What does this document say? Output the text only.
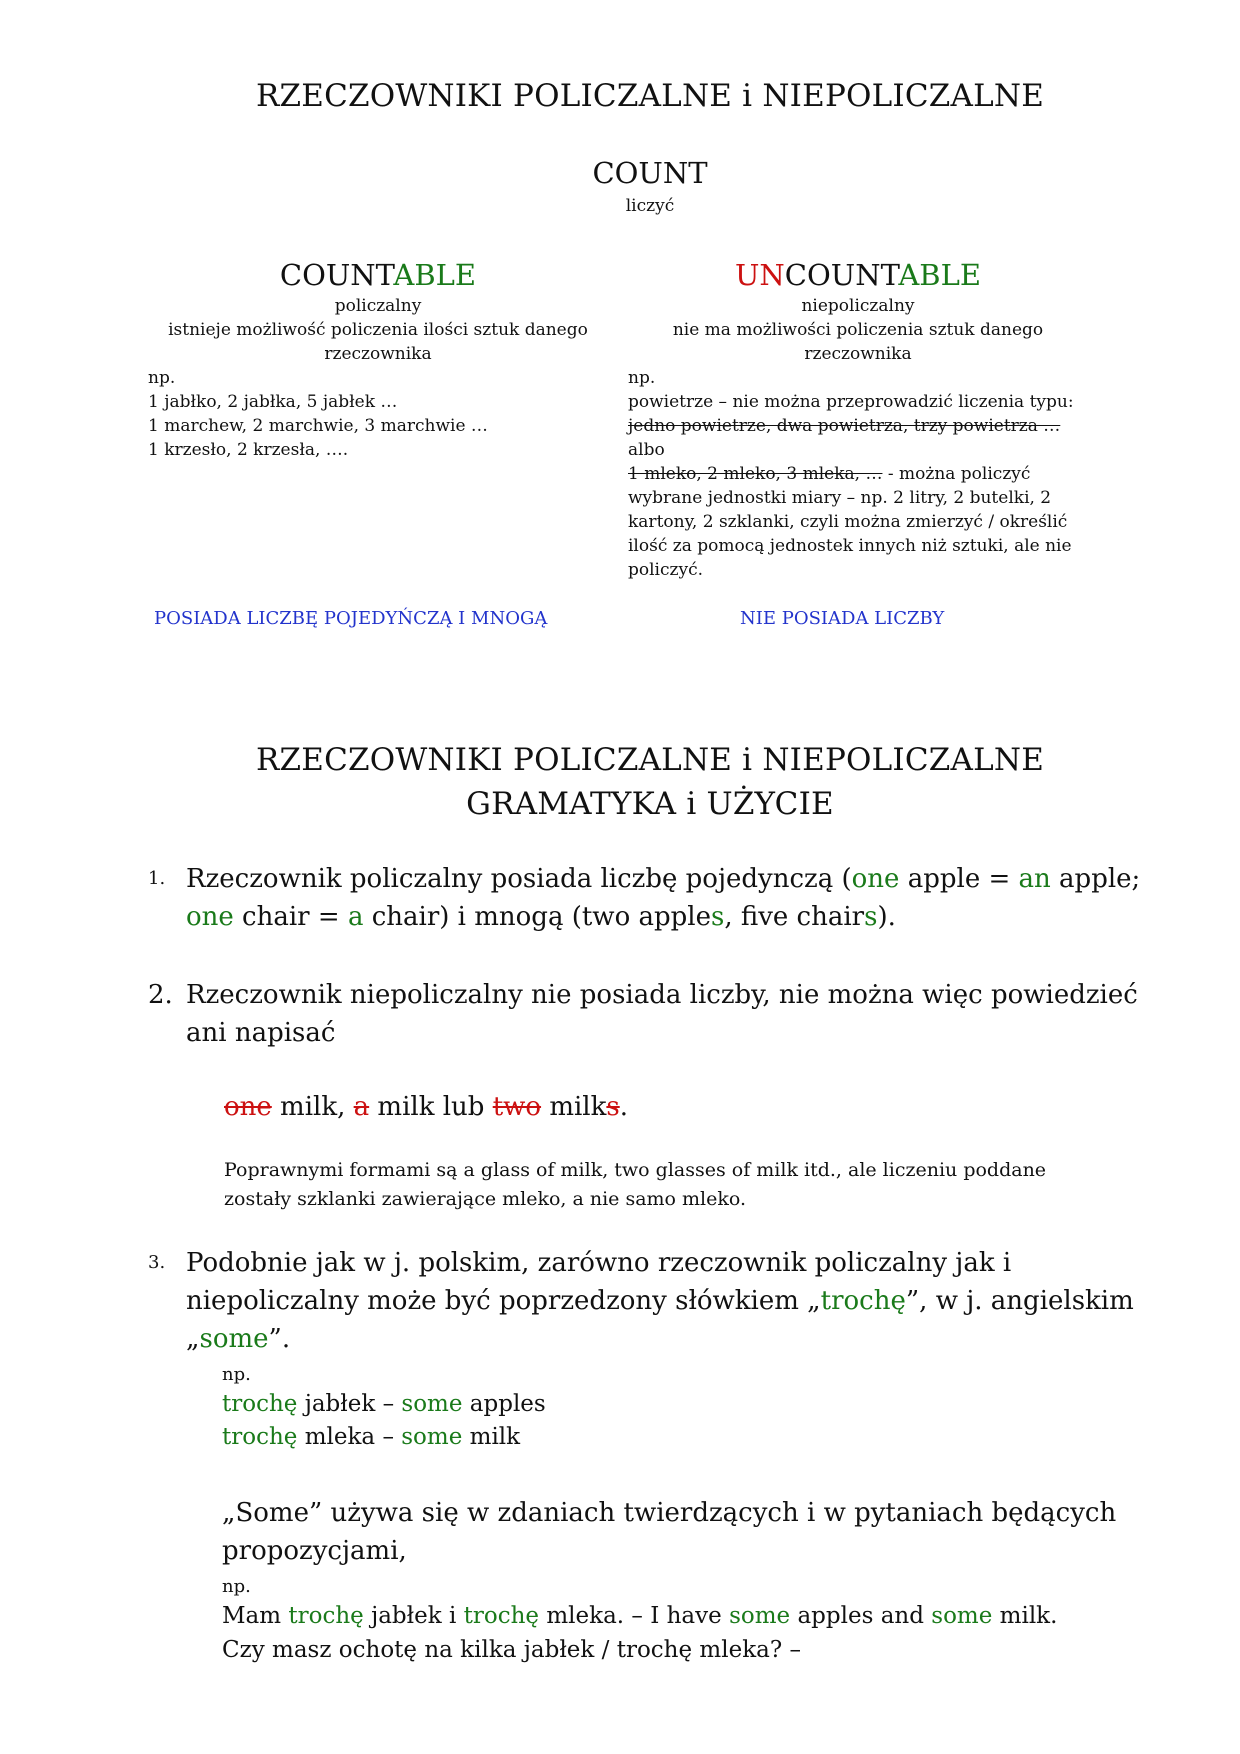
RZECZOWNIKI POLICZALNE i NIEPOLICZALNE
COUNT
liczyć
COUNTABLE
policzalny
istnieje możliwość policzenia ilości sztuk danego rzeczownika
np.
1 jabłko, 2 jabłka, 5 jabłek …
1 marchew, 2 marchwie, 3 marchwie …
1 krzesło, 2 krzesła, ….
UNCOUNTABLE
niepoliczalny
nie ma możliwości policzenia sztuk danego rzeczownika
np.
powietrze – nie można przeprowadzić liczenia typu:
jedno powietrze, dwa powietrza, trzy powietrza …
albo
1 mleko, 2 mleko, 3 mleka, … - można policzyć wybrane jednostki miary – np. 2 litry, 2 butelki, 2 kartony, 2 szklanki, czyli można zmierzyć / określić ilość za pomocą jednostek innych niż sztuki, ale nie policzyć.
POSIADA LICZBĘ POJEDYŃCZĄ I MNOGĄ	NIE POSIADA LICZBY
RZECZOWNIKI POLICZALNE i NIEPOLICZALNE
GRAMATYKA i UŻYCIE
1. Rzeczownik policzalny posiada liczbę pojedynczą (one apple = an apple; one chair = a chair) i mnogą (two apples, five chairs).
2. Rzeczownik niepoliczalny nie posiada liczby, nie można więc powiedzieć ani napisać
one milk, a milk lub two milks.
Poprawnymi formami są a glass of milk, two glasses of milk itd., ale liczeniu poddane zostały szklanki zawierające mleko, a nie samo mleko.
3. Podobnie jak w j. polskim, zarówno rzeczownik policzalny jak i niepoliczalny może być poprzedzony słówkiem „trochę”, w j. angielskim „some”.
np.
trochę jabłek – some apples
trochę mleka – some milk
„Some” używa się w zdaniach twierdzących i w pytaniach będących propozycjami,
np.
Mam trochę jabłek i trochę mleka. – I have some apples and some milk.
Czy masz ochotę na kilka jabłek / trochę mleka? –
